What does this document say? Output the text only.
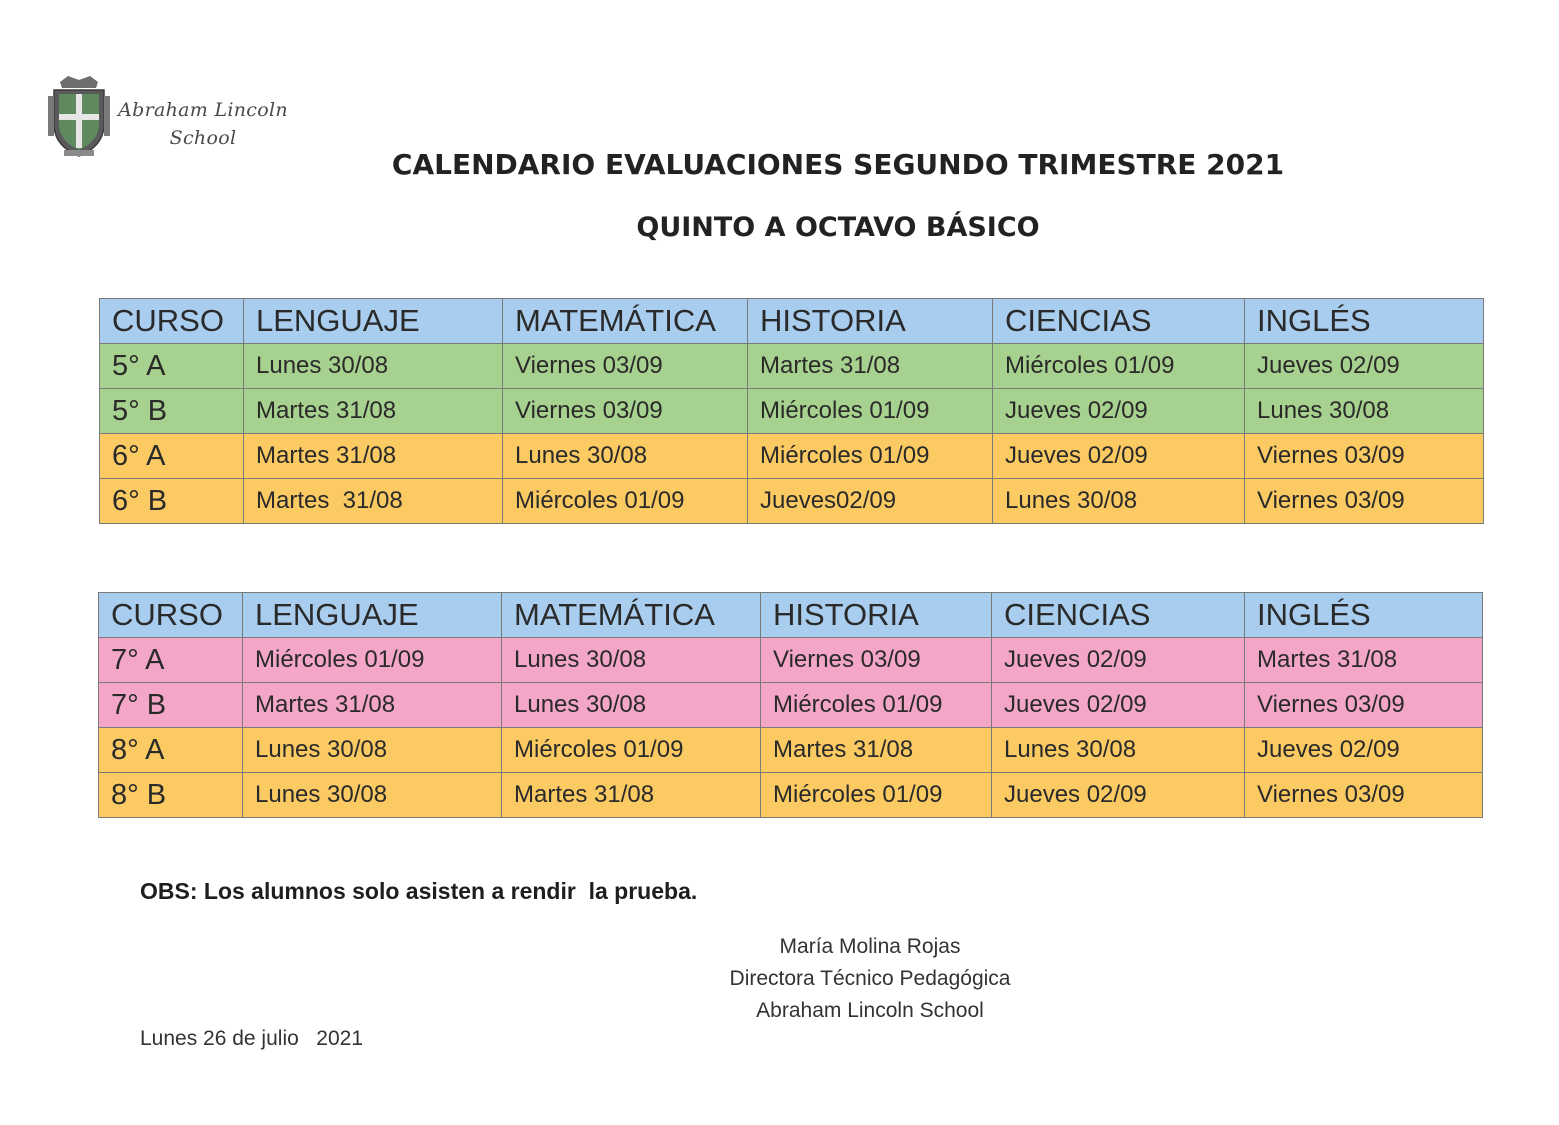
Abraham Lincoln
School
CALENDARIO EVALUACIONES SEGUNDO TRIMESTRE 2021
QUINTO A OCTAVO BÁSICO
CURSO	LENGUAJE	MATEMÁTICA	HISTORIA	CIENCIAS	INGLÉS
5° A	Lunes 30/08	Viernes 03/09	Martes 31/08	Miércoles 01/09	Jueves 02/09
5° B	Martes 31/08	Viernes 03/09	Miércoles 01/09	Jueves 02/09	Lunes 30/08
6° A	Martes 31/08	Lunes 30/08	Miércoles 01/09	Jueves 02/09	Viernes 03/09
6° B	Martes  31/08	Miércoles 01/09	Jueves02/09	Lunes 30/08	Viernes 03/09
CURSO	LENGUAJE	MATEMÁTICA	HISTORIA	CIENCIAS	INGLÉS
7° A	Miércoles 01/09	Lunes 30/08	Viernes 03/09	Jueves 02/09	Martes 31/08
7° B	Martes 31/08	Lunes 30/08	Miércoles 01/09	Jueves 02/09	Viernes 03/09
8° A	Lunes 30/08	Miércoles 01/09	Martes 31/08	Lunes 30/08	Jueves 02/09
8° B	Lunes 30/08	Martes 31/08	Miércoles 01/09	Jueves 02/09	Viernes 03/09
OBS: Los alumnos solo asisten a rendir  la prueba.
María Molina Rojas
Directora Técnico Pedagógica
Abraham Lincoln School
Lunes 26 de julio   2021
